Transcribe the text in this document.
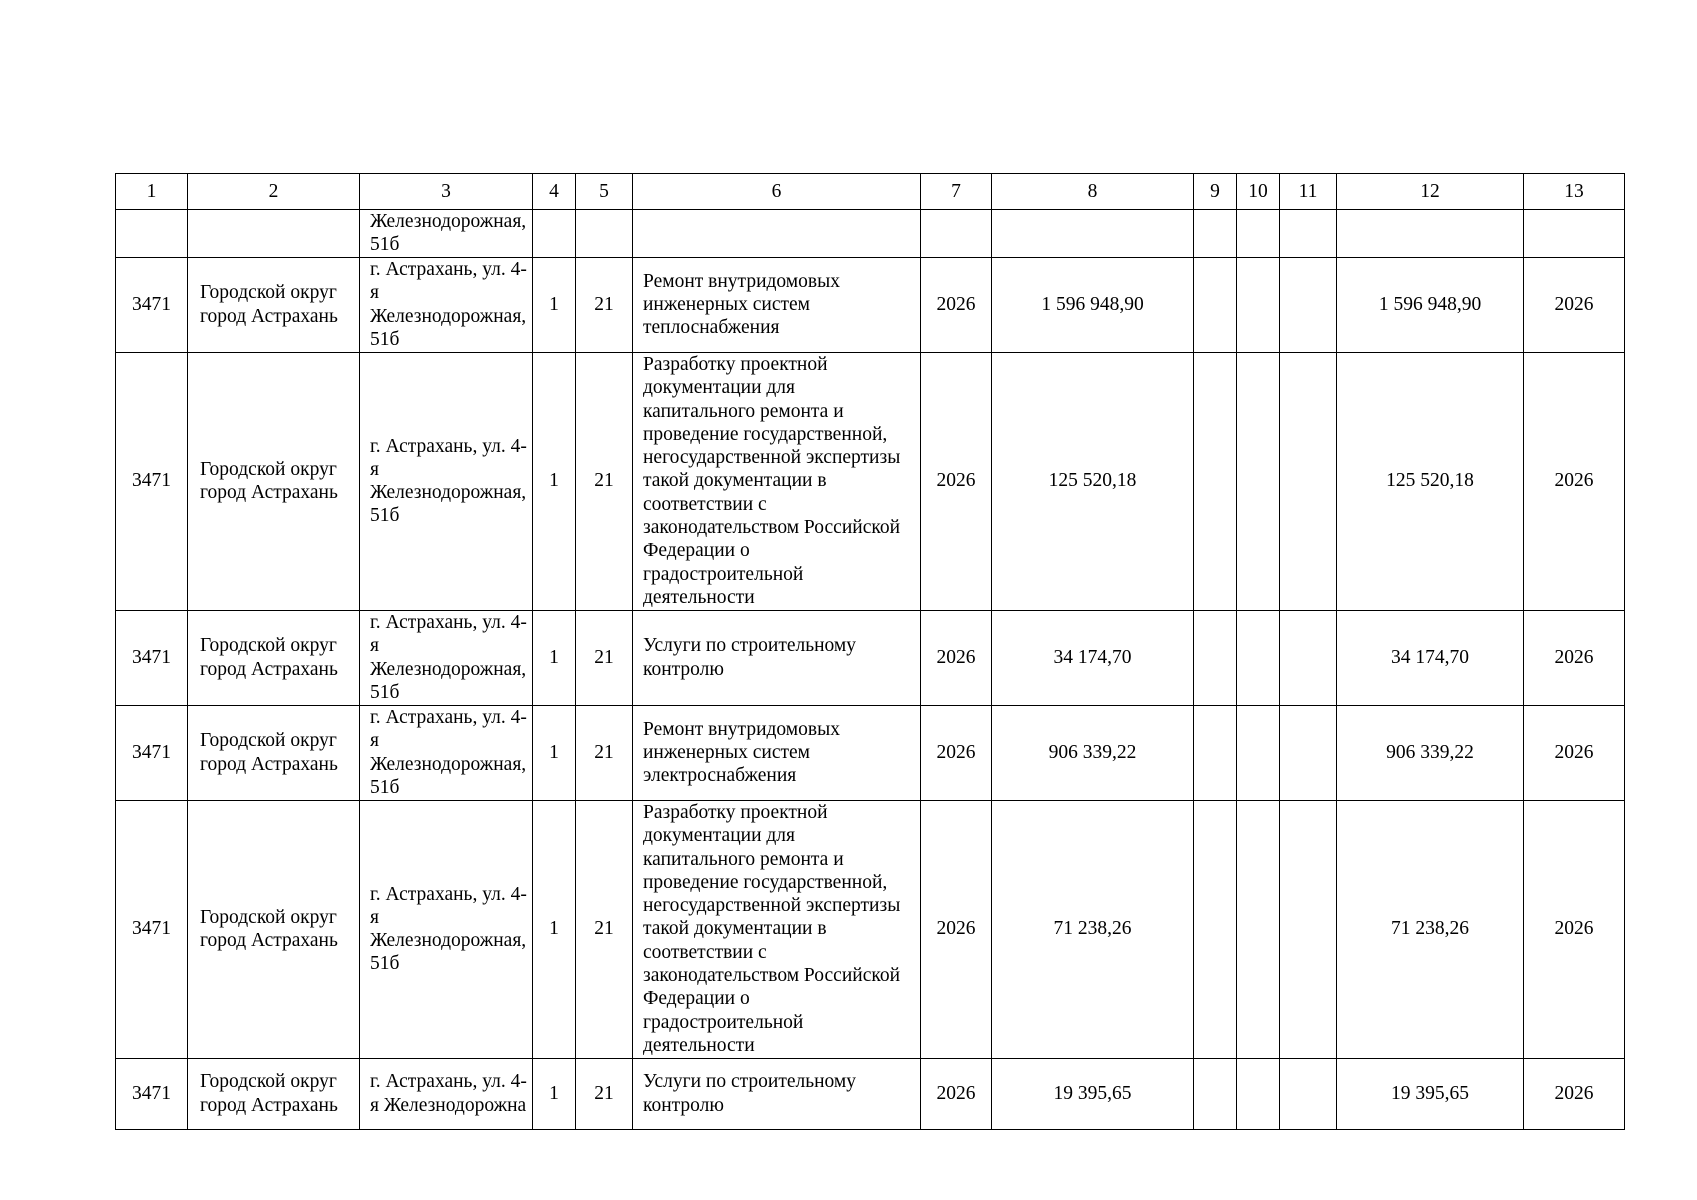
1	2	3	4	5	6	7	8	9	10	11	12	13
		Железнодорожная, 51б										
3471	Городской округ город Астрахань	г. Астрахань, ул. 4-я Железнодорожная, 51б	1	21	Ремонт внутридомовых инженерных систем теплоснабжения	2026	1 596 948,90				1 596 948,90	2026
3471	Городской округ город Астрахань	г. Астрахань, ул. 4-я Железнодорожная, 51б	1	21	Разработку проектной документации для капитального ремонта и проведение государственной, негосударственной экспертизы такой документации в соответствии с законодательством Российской Федерации о градостроительной деятельности	2026	125 520,18				125 520,18	2026
3471	Городской округ город Астрахань	г. Астрахань, ул. 4-я Железнодорожная, 51б	1	21	Услуги по строительному контролю	2026	34 174,70				34 174,70	2026
3471	Городской округ город Астрахань	г. Астрахань, ул. 4-я Железнодорожная, 51б	1	21	Ремонт внутридомовых инженерных систем электроснабжения	2026	906 339,22				906 339,22	2026
3471	Городской округ город Астрахань	г. Астрахань, ул. 4-я Железнодорожная, 51б	1	21	Разработку проектной документации для капитального ремонта и проведение государственной, негосударственной экспертизы такой документации в соответствии с законодательством Российской Федерации о градостроительной деятельности	2026	71 238,26				71 238,26	2026
3471	Городской округ город Астрахань	г. Астрахань, ул. 4-я Железнодорожна	1	21	Услуги по строительному контролю	2026	19 395,65				19 395,65	2026
